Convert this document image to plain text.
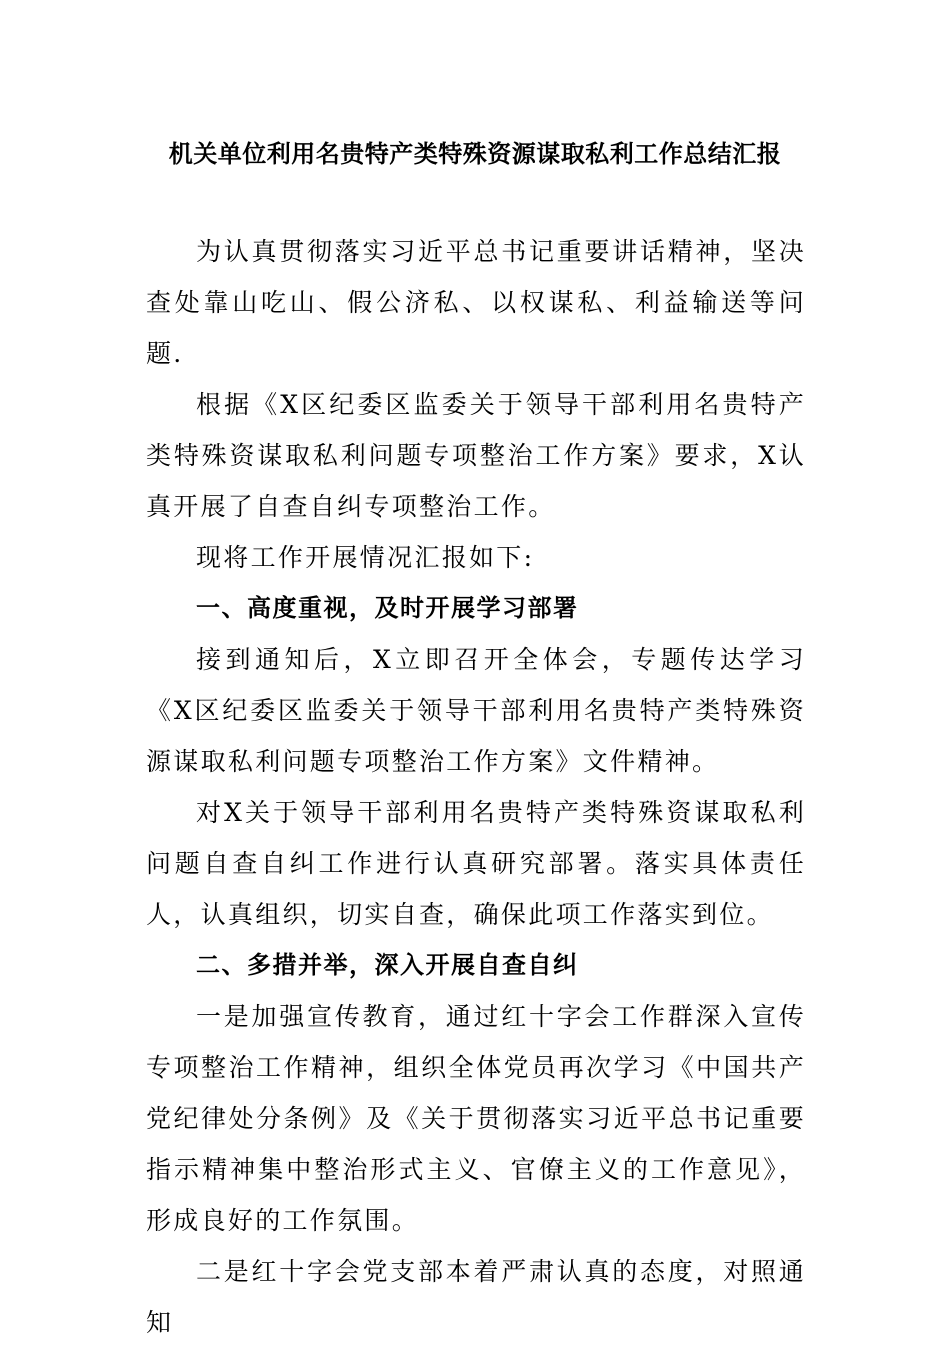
机关单位利用名贵特产类特殊资源谋取私利工作总结汇报

为认真贯彻落实习近平总书记重要讲话精神，坚决查处靠山吃山、假公济私、以权谋私、利益输送等问题.

根据《X区纪委区监委关于领导干部利用名贵特产类特殊资谋取私利问题专项整治工作方案》要求，X认真开展了自查自纠专项整治工作。

现将工作开展情况汇报如下:

一、高度重视，及时开展学习部署

接到通知后，X立即召开全体会，专题传达学习《X区纪委区监委关于领导干部利用名贵特产类特殊资源谋取私利问题专项整治工作方案》文件精神。

对X关于领导干部利用名贵特产类特殊资谋取私利问题自查自纠工作进行认真研究部署。落实具体责任人，认真组织，切实自查，确保此项工作落实到位。

二、多措并举，深入开展自查自纠

一是加强宣传教育，通过红十字会工作群深入宣传专项整治工作精神，组织全体党员再次学习《中国共产党纪律处分条例》及《关于贯彻落实习近平总书记重要指示精神集中整治形式主义、官僚主义的工作意见》，形成良好的工作氛围。

二是红十字会党支部本着严肃认真的态度，对照通知
